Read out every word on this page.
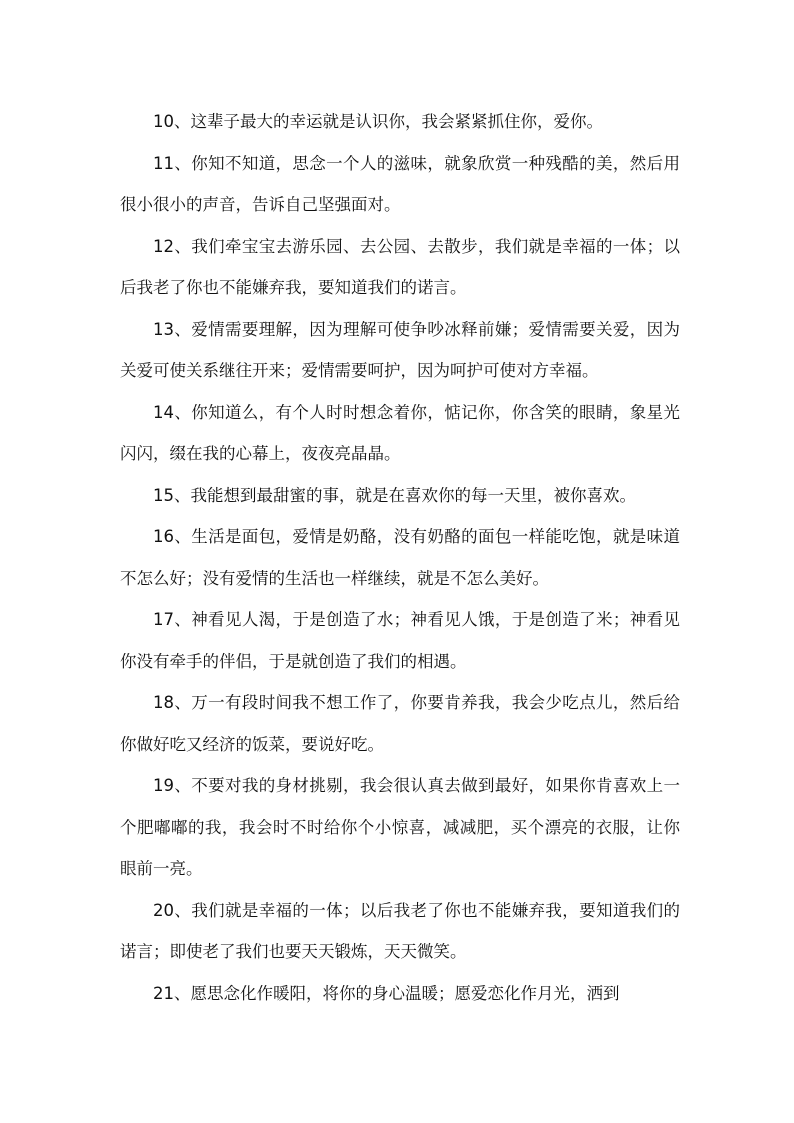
10、这辈子最大的幸运就是认识你，我会紧紧抓住你，爱你。

11、你知不知道，思念一个人的滋味，就象欣赏一种残酷的美，然后用很小很小的声音，告诉自己坚强面对。

12、我们牵宝宝去游乐园、去公园、去散步，我们就是幸福的一体；以后我老了你也不能嫌弃我，要知道我们的诺言。

13、爱情需要理解，因为理解可使争吵冰释前嫌；爱情需要关爱，因为关爱可使关系继往开来；爱情需要呵护，因为呵护可使对方幸福。

14、你知道么，有个人时时想念着你，惦记你，你含笑的眼睛，象星光闪闪，缀在我的心幕上，夜夜亮晶晶。

15、我能想到最甜蜜的事，就是在喜欢你的每一天里，被你喜欢。

16、生活是面包，爱情是奶酪，没有奶酪的面包一样能吃饱，就是味道不怎么好；没有爱情的生活也一样继续，就是不怎么美好。

17、神看见人渴，于是创造了水；神看见人饿，于是创造了米；神看见你没有牵手的伴侣，于是就创造了我们的相遇。

18、万一有段时间我不想工作了，你要肯养我，我会少吃点儿，然后给你做好吃又经济的饭菜，要说好吃。

19、不要对我的身材挑剔，我会很认真去做到最好，如果你肯喜欢上一个肥嘟嘟的我，我会时不时给你个小惊喜，减减肥，买个漂亮的衣服，让你眼前一亮。

20、我们就是幸福的一体；以后我老了你也不能嫌弃我，要知道我们的诺言；即使老了我们也要天天锻炼，天天微笑。

21、愿思念化作暖阳，将你的身心温暖；愿爱恋化作月光，洒到
